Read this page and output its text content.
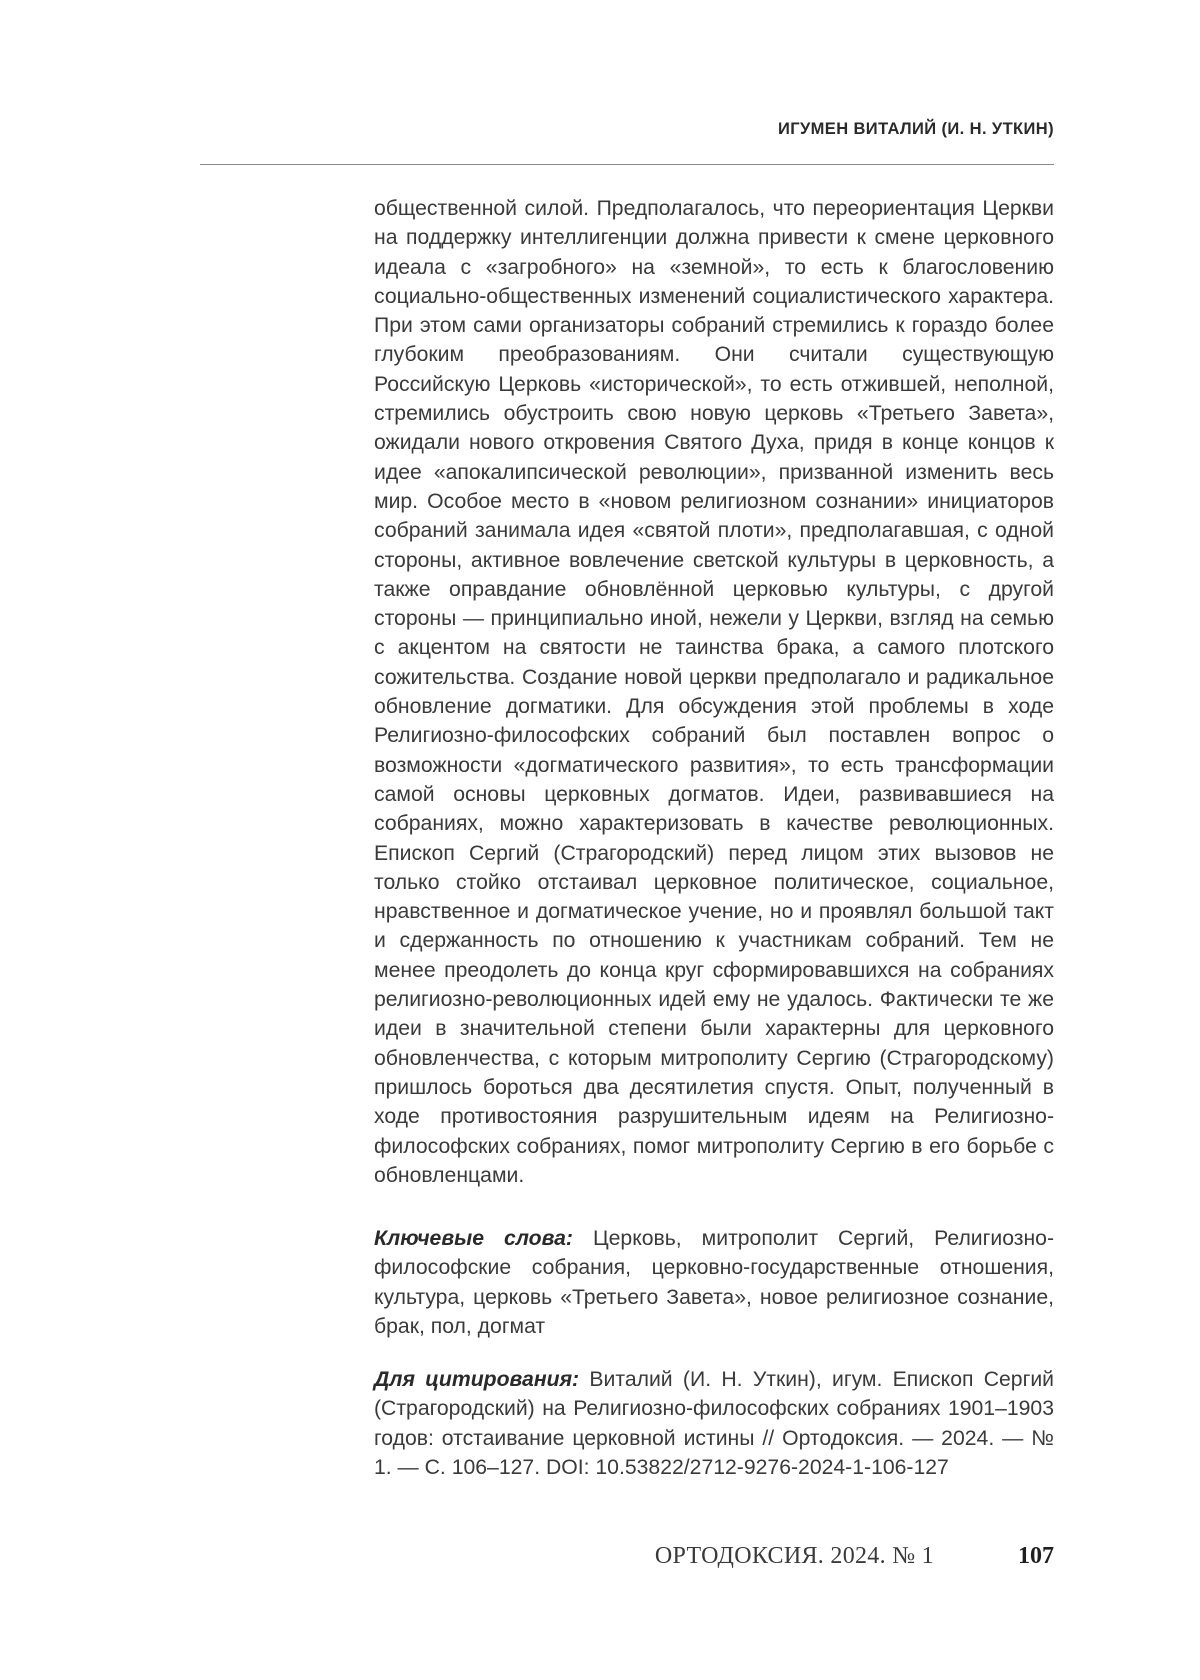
ИГУМЕН ВИТАЛИЙ (И. Н. УТКИН)

общественной силой. Предполагалось, что переориентация Церкви на поддержку интеллигенции должна привести к смене церковного идеала с «загробного» на «земной», то есть к благословению социально-общественных изменений социалистического характера. При этом сами организаторы собраний стремились к гораздо более глубоким преобразованиям. Они считали существующую Российскую Церковь «исторической», то есть отжившей, неполной, стремились обустроить свою новую церковь «Третьего Завета», ожидали нового откровения Святого Духа, придя в конце концов к идее «апокалипсической революции», призванной изменить весь мир. Особое место в «новом религиозном сознании» инициаторов собраний занимала идея «святой плоти», предполагавшая, с одной стороны, активное вовлечение светской культуры в церковность, а также оправдание обновлённой церковью культуры, с другой стороны — принципиально иной, нежели у Церкви, взгляд на семью с акцентом на святости не таинства брака, а самого плотского сожительства. Создание новой церкви предполагало и радикальное обновление догматики. Для обсуждения этой проблемы в ходе Религиозно-философских собраний был поставлен вопрос о возможности «догматического развития», то есть трансформации самой основы церковных догматов. Идеи, развивавшиеся на собраниях, можно характеризовать в качестве революционных. Епископ Сергий (Страгородский) перед лицом этих вызовов не только стойко отстаивал церковное политическое, социальное, нравственное и догматическое учение, но и проявлял большой такт и сдержанность по отношению к участникам собраний. Тем не менее преодолеть до конца круг сформировавшихся на собраниях религиозно-революционных идей ему не удалось. Фактически те же идеи в значительной степени были характерны для церковного обновленчества, с которым митрополиту Сергию (Страгородскому) пришлось бороться два десятилетия спустя. Опыт, полученный в ходе противостояния разрушительным идеям на Религиозно-философских собраниях, помог митрополиту Сергию в его борьбе с обновленцами.

Ключевые слова: Церковь, митрополит Сергий, Религиозно-философские собрания, церковно-государственные отношения, культура, церковь «Третьего Завета», новое религиозное сознание, брак, пол, догмат

Для цитирования: Виталий (И. Н. Уткин), игум. Епископ Сергий (Страгородский) на Религиозно-философских собраниях 1901–1903 годов: отстаивание церковной истины // Ортодоксия. — 2024. — № 1. — С. 106–127. DOI: 10.53822/2712-9276-2024-1-106-127

ОРТОДОКСИЯ. 2024. № 1	107
